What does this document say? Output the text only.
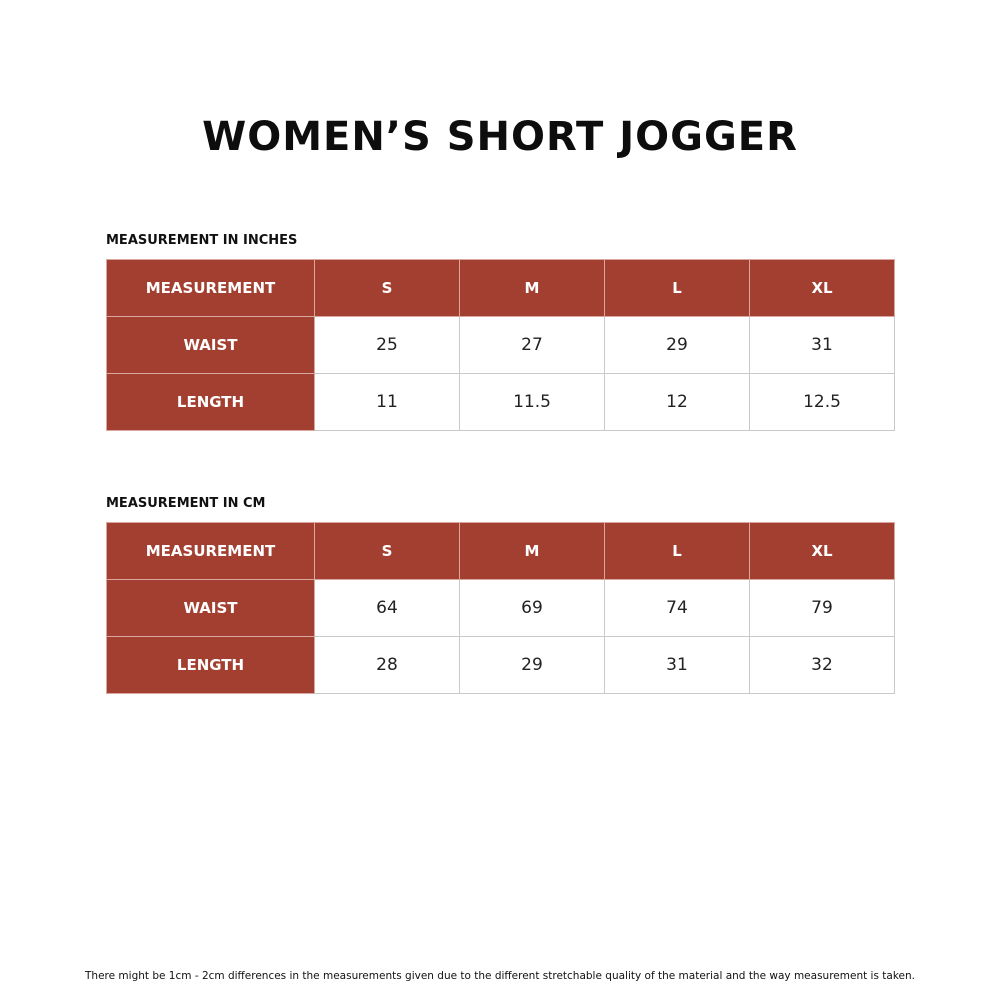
WOMEN’S SHORT JOGGER
MEASUREMENT IN INCHES
MEASUREMENT	S	M	L	XL
WAIST	25	27	29	31
LENGTH	11	11.5	12	12.5
MEASUREMENT IN CM
MEASUREMENT	S	M	L	XL
WAIST	64	69	74	79
LENGTH	28	29	31	32
There might be 1cm - 2cm differences in the measurements given due to the different stretchable quality of the material and the way measurement is taken.
